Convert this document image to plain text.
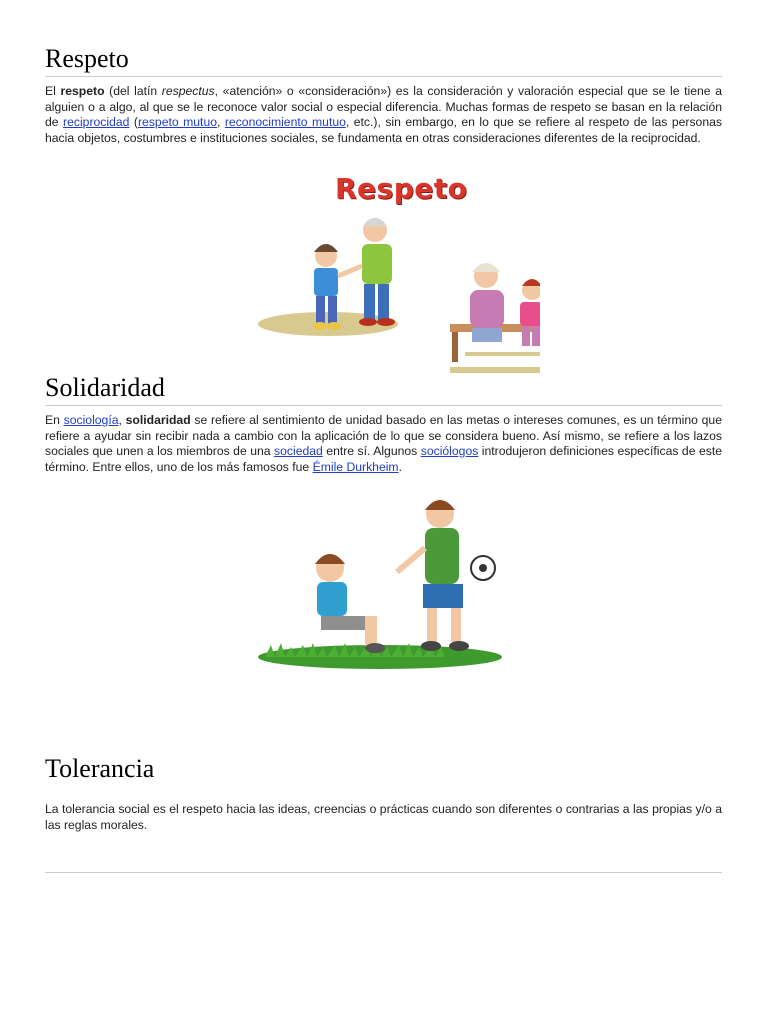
Respeto

El respeto (del latín respectus, «atención» o «consideración») es la consideración y valoración especial que se le tiene a alguien o a algo, al que se le reconoce valor social o especial diferencia. Muchas formas de respeto se basan en la relación de reciprocidad (respeto mutuo, reconocimiento mutuo, etc.), sin embargo, en lo que se refiere al respeto de las personas hacia objetos, costumbres e instituciones sociales, se fundamenta en otras consideraciones diferentes de la reciprocidad.

Respeto
Solidaridad

En sociología, solidaridad se refiere al sentimiento de unidad basado en las metas o intereses comunes, es un término que refiere a ayudar sin recibir nada a cambio con la aplicación de lo que se considera bueno. Así mismo, se refiere a los lazos sociales que unen a los miembros de una sociedad entre sí. Algunos sociólogos introdujeron definiciones específicas de este término. Entre ellos, uno de los más famosos fue Émile Durkheim.

Tolerancia

La tolerancia social es el respeto hacia las ideas, creencias o prácticas cuando son diferentes o contrarias a las propias y/o a las reglas morales.
